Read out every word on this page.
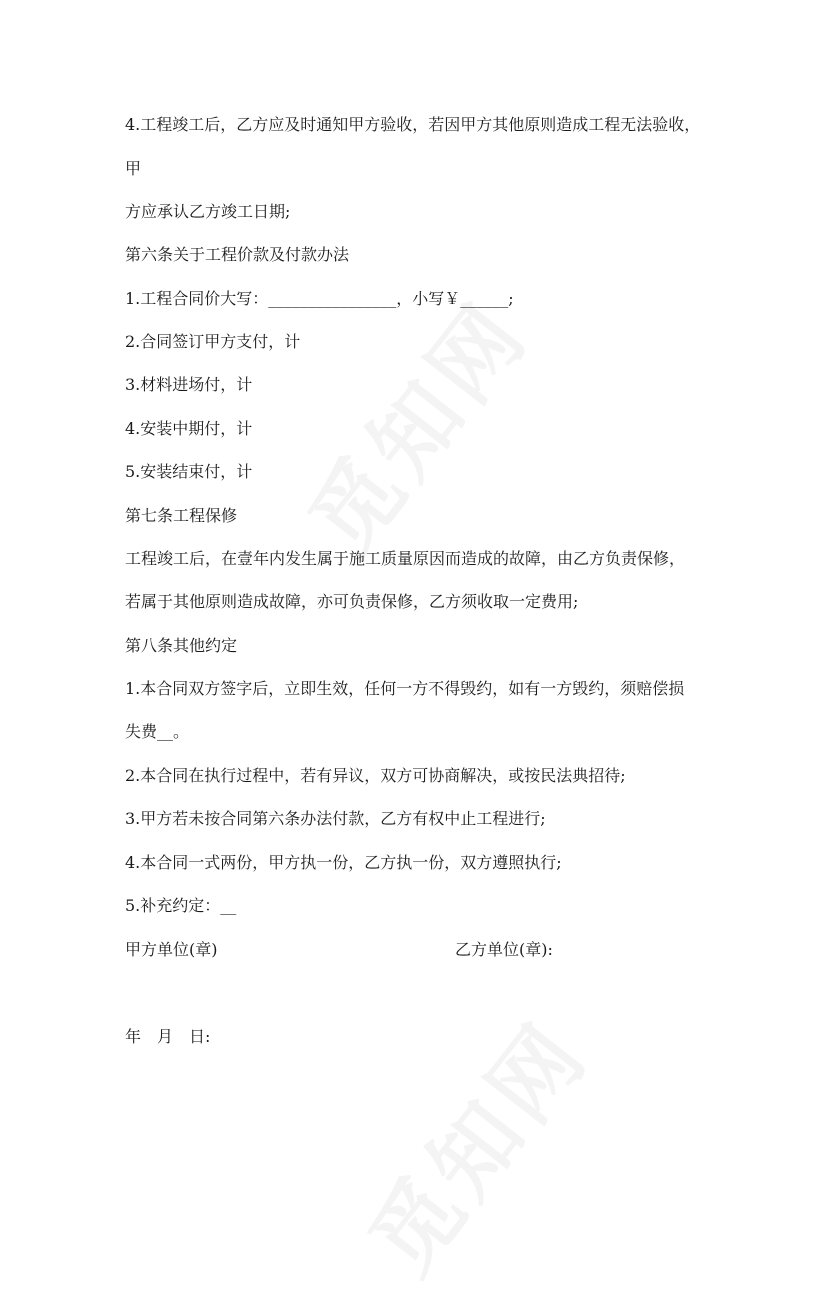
4.工程竣工后，乙方应及时通知甲方验收，若因甲方其他原则造成工程无法验收，

甲

方应承认乙方竣工日期;

第六条关于工程价款及付款办法

1.工程合同价大写：________________，小写￥______;

2.合同签订甲方支付，计

3.材料进场付，计

4.安装中期付，计

5.安装结束付，计

第七条工程保修

工程竣工后，在壹年内发生属于施工质量原因而造成的故障，由乙方负责保修，

若属于其他原则造成故障，亦可负责保修，乙方须收取一定费用;

第八条其他约定

1.本合同双方签字后，立即生效，任何一方不得毁约，如有一方毁约，须赔偿损

失费__。

2.本合同在执行过程中，若有异议，双方可协商解决，或按民法典招待;

3.甲方若未按合同第六条办法付款，乙方有权中止工程进行;

4.本合同一式两份，甲方执一份，乙方执一份，双方遵照执行;

5.补充约定：__

甲方单位(章)	乙方单位(章):
年　月　日:
